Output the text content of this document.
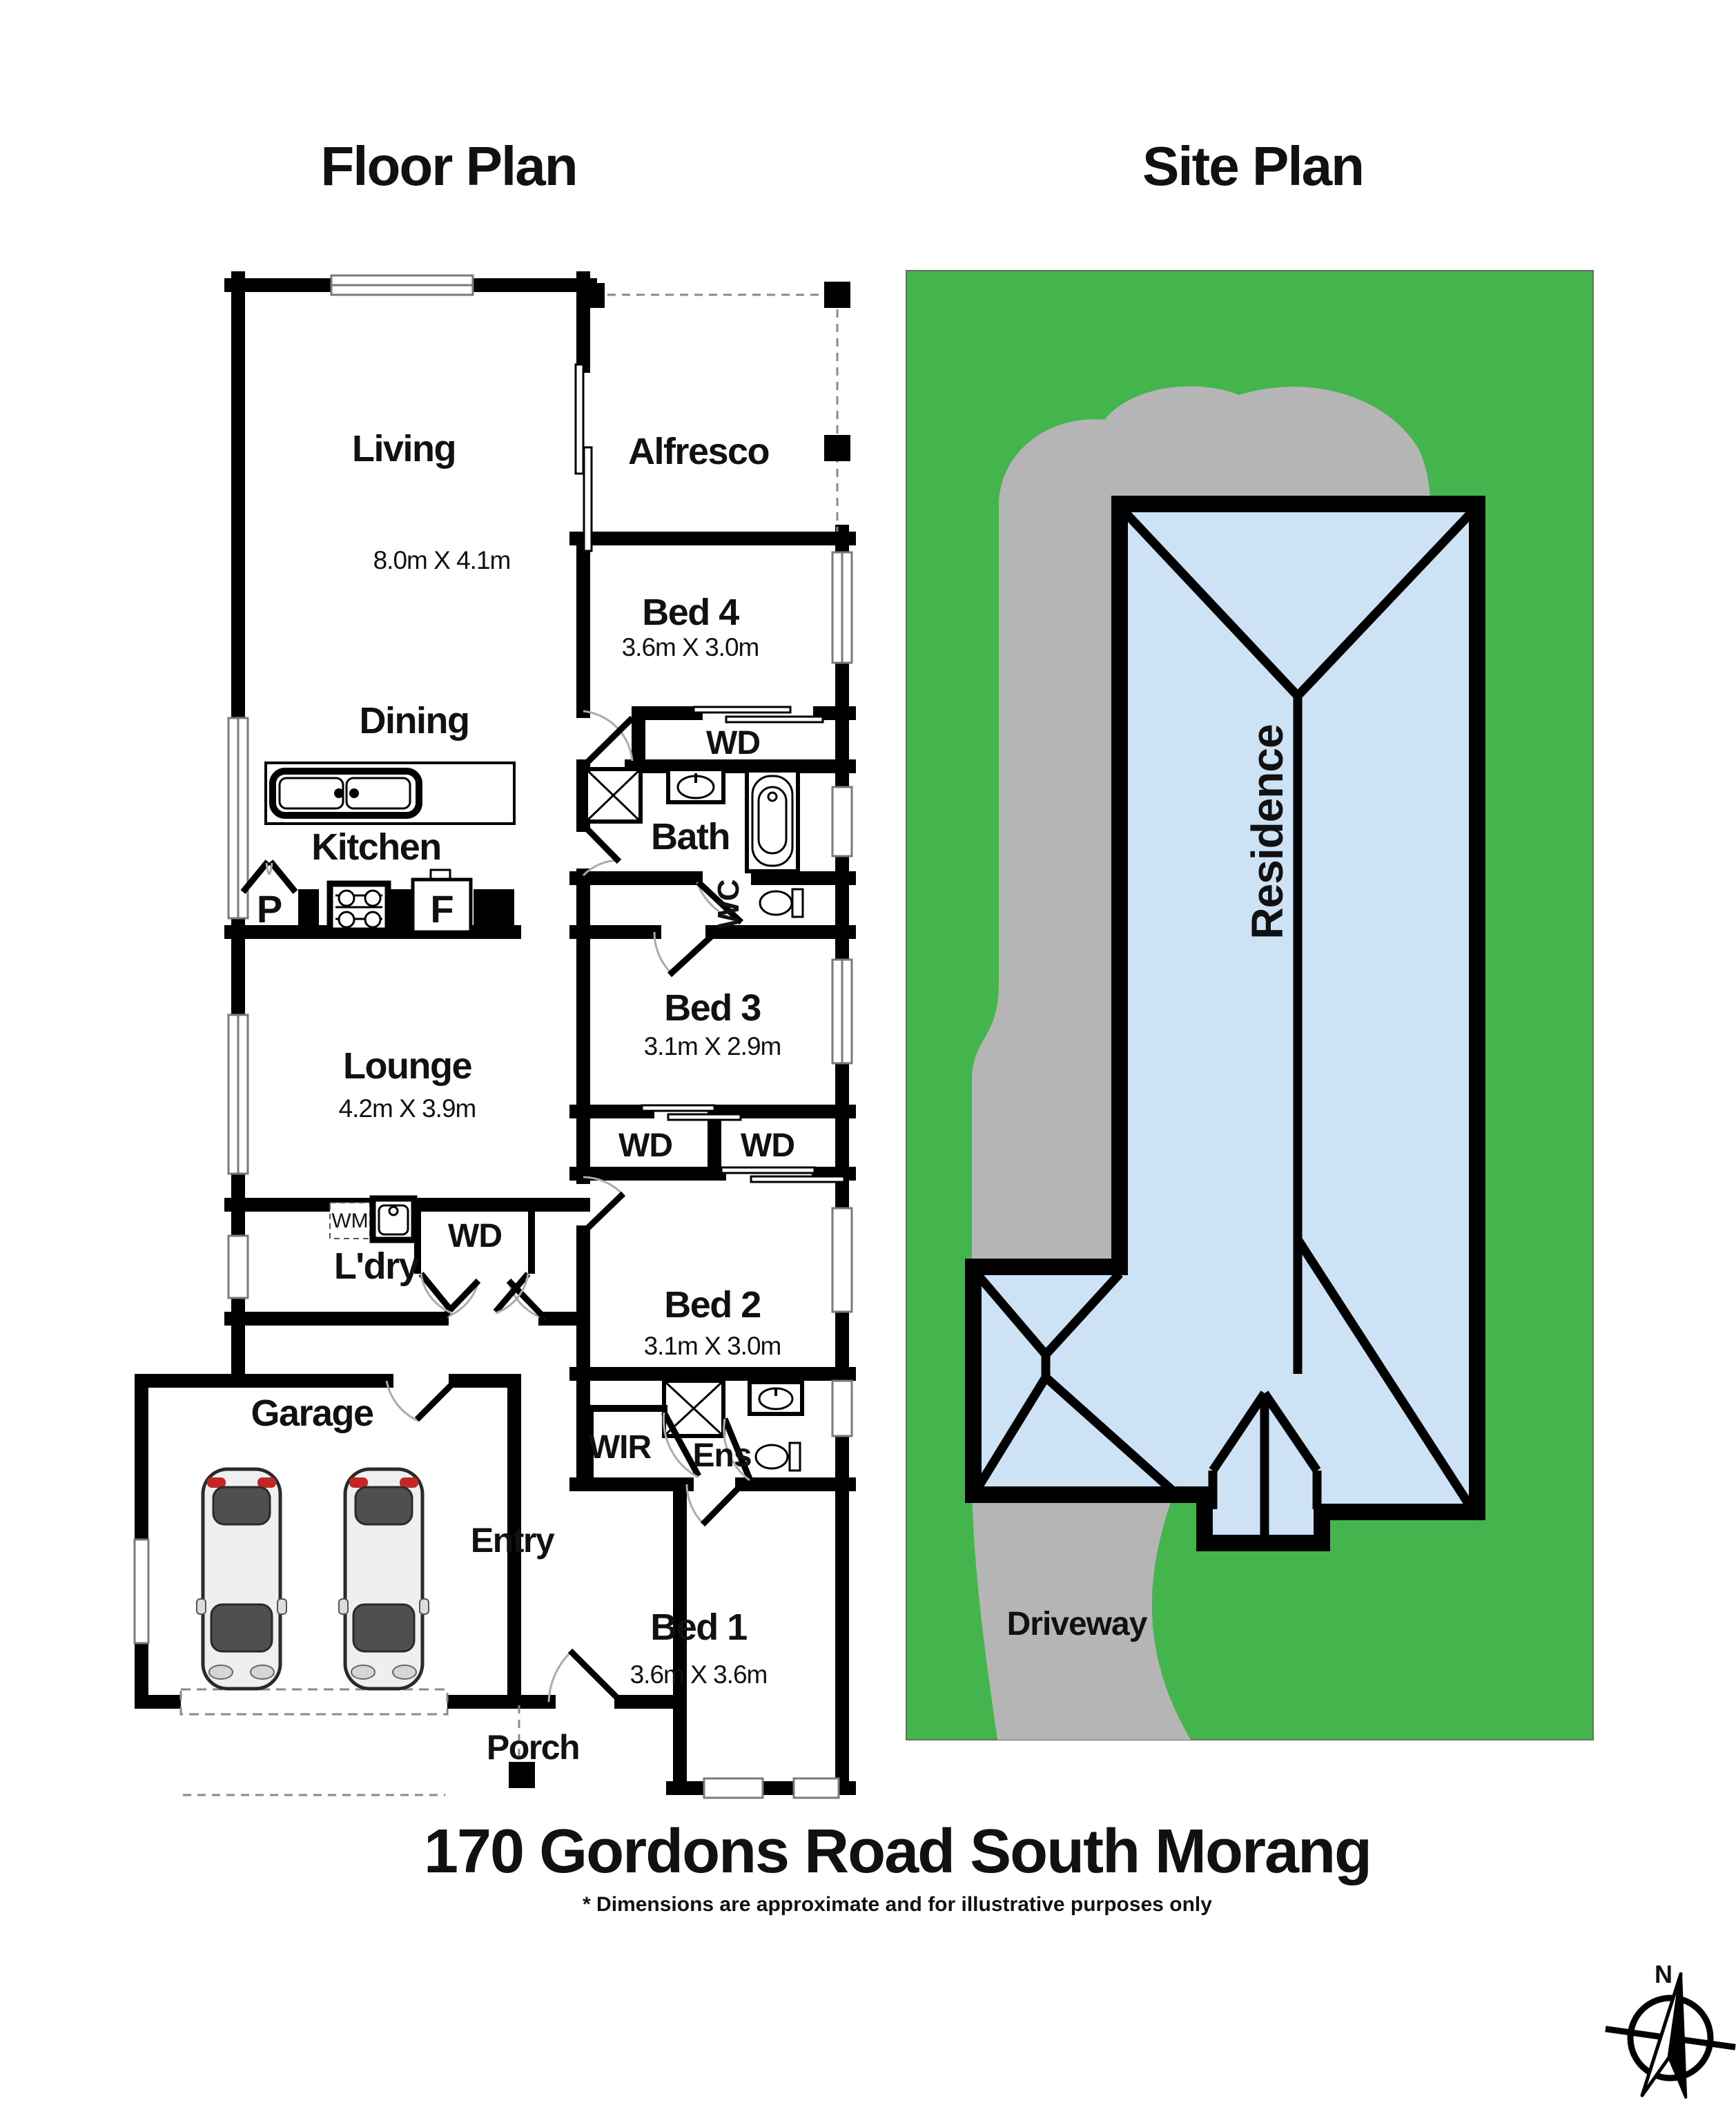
Floor Plan	Site Plan
Residence
Driveway
Living
8.0m X 4.1m
Dining
Alfresco
Bed 4
3.6m X 3.0m
WD
Bath
WC
Kitchen
P	F
Bed 3
3.1m X 2.9m
WD WD
Lounge
4.2m X 3.9m
WM WD
L'dry
Bed 2
3.1m X 3.0m
Garage
WIR Ens
Entry
Bed 1
3.6m X 3.6m
Porch
170 Gordons Road South Morang
* Dimensions are approximate and for illustrative purposes only
N
